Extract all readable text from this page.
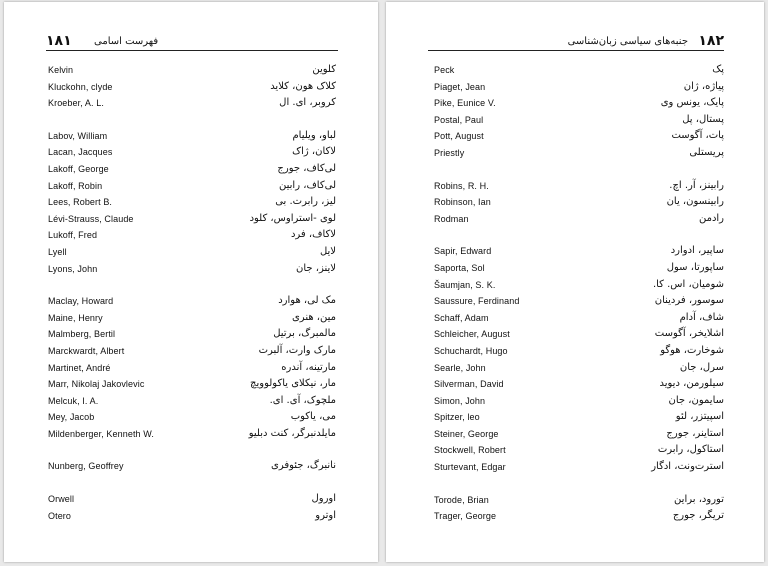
۱۸۱ فهرست اسامی
Kelvin	کلوین
Kluckohn, clyde	کلاک هون، کلاید
Kroeber, A. L.	کروبر، ای. ال
Labov, William	لباو، ویلیام
Lacan, Jacques	لاکان، ژاک
Lakoff, George	لی‌کاف، جورج
Lakoff, Robin	لی‌کاف، رابین
Lees, Robert B.	لیز، رابرت. بی
Lévi-Strauss, Claude	لوی -استراوس، کلود
Lukoff, Fred	لاکاف، فرد
Lyell	لایل
Lyons, John	لاینز، جان
Maclay, Howard	مک لی، هوارد
Maine, Henry	مین، هنری
Malmberg, Bertil	مالمبرگ، برتیل
Marckwardt, Albert	مارک وارت، آلبرت
Martinet, André	مارتینه، آندره
Marr, Nikolaj Jakovlevic	مار، نیکلای یاکولوویچ
Melcuk, I. A.	ملچوک، آی. ای.
Mey, Jacob	می، یاکوب
Mildenberger, Kenneth W.	مایلدنبرگر، کنت دبلیو
Nunberg, Geoffrey	نانبرگ، جئوفری
Orwell	اورول
Otero	اوترو
۱۸۲
جنبه‌های سیاسی زبان‌شناسی
Peck	پک
Piaget, Jean	پیاژه، ژان
Pike, Eunice V.	پایک، یونس وی
Postal, Paul	پستال، پل
Pott, August	پات، آگوست
Priestly	پریستلی
Robins, R. H.	رابینز، آر. اچ.
Robinson, Ian	رابینسون، یان
Rodman	رادمن
Sapir, Edward	ساپیر، ادوارد
Saporta, Sol	ساپورتا، سول
Šaumjan, S. K.	شومیان، اس. کا.
Saussure, Ferdinand	سوسور، فردینان
Schaff, Adam	شاف، آدام
Schleicher, August	اشلایخر، آگوست
Schuchardt, Hugo	شوخارت، هوگو
Searle, John	سرل، جان
Silverman, David	سیلورمن، دیوید
Simon, John	سایمون، جان
Spitzer, leo	اسپیتزر، لئو
Steiner, George	استاینر، جورج
Stockwell, Robert	استاکول، رابرت
Sturtevant, Edgar	استرت‌ونت، ادگار
Torode, Brian	تورود، براین
Trager, George	تریگر، جورج
